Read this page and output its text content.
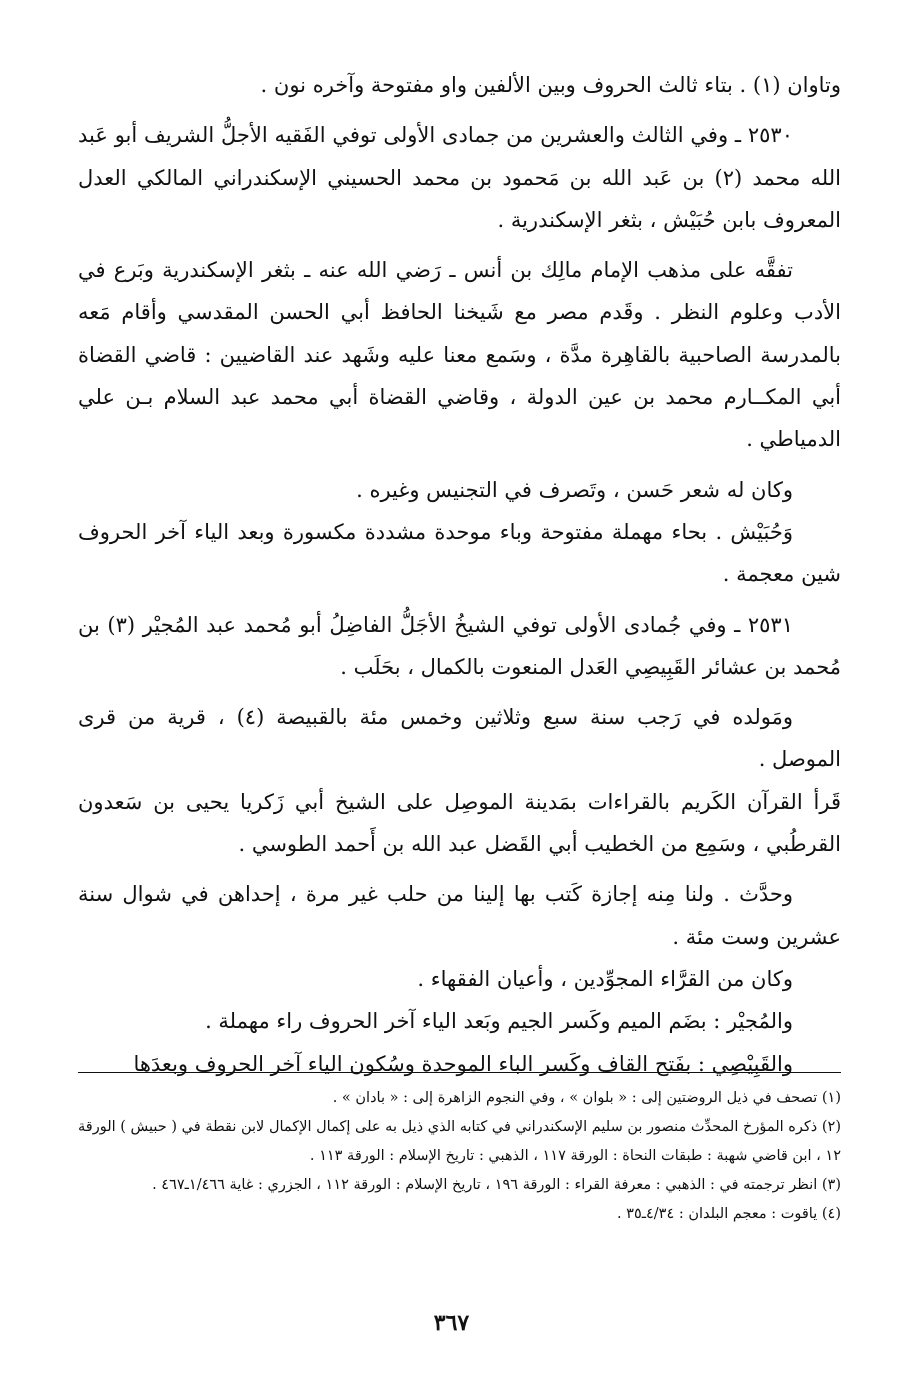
وتاوان (١) . بتاء ثالث الحروف وبين الألفين واو مفتوحة وآخره نون .

٢٥٣٠ ـ وفي الثالث والعشرين من جمادى الأولى توفي الفَقيه الأجلُّ الشريف أبو عَبد الله محمد (٢) بن عَبد الله بن مَحمود بن محمد الحسيني الإسكندراني المالكي العدل المعروف بابن حُبَيْش ، بثغر الإسكندرية .

تفقَّه على مذهب الإمام مالِك بن أنس ـ رَضي الله عنه ـ بثغر الإسكندرية وبَرع في الأدب وعلوم النظر . وقَدم مصر مع شَيخنا الحافظ أبي الحسن المقدسي وأقام مَعه بالمدرسة الصاحبية بالقاهِرة مدَّة ، وسَمع معنا عليه وشَهد عند القاضيين : قاضي القضاة أبي المكــارم محمد بن عين الدولة ، وقاضي القضاة أبي محمد عبد السلام بـن علي الدمياطي .

وكان له شعر حَسن ، وتَصرف في التجنيس وغيره .

وَحُبَيْش . بحاء مهملة مفتوحة وباء موحدة مشددة مكسورة وبعد الياء آخر الحروف شين معجمة .

٢٥٣١ ـ وفي جُمادى الأولى توفي الشيخُ الأجَلُّ الفاضِلُ أبو مُحمد عبد المُجيْر (٣) بن مُحمد بن عشائر القَبِيصِي العَدل المنعوت بالكمال ، بحَلَب .

ومَولده في رَجب سنة سبع وثلاثين وخمس مئة بالقبيصة (٤) ، قرية من قرى الموصل .

قَرأ القرآن الكَريم بالقراءات بمَدينة الموصِل على الشيخ أبي زَكريا يحيى بن سَعدون القرطُبي ، وسَمِع من الخطيب أبي القَضل عبد الله بن أَحمد الطوسي .

وحدَّث . ولنا مِنه إجازة كَتب بها إلينا من حلب غير مرة ، إحداهن في شوال سنة عشرين وست مئة .

وكان من القرَّاء المجوِّدين ، وأعيان الفقهاء .

والمُجيْر : بضَم الميم وكَسر الجيم وبَعد الياء آخر الحروف راء مهملة .

والقَبِيْصِي : بفَتح القاف وكَسر الباء الموحدة وسُكون الياء آخر الحروف وبعدَها

(١) تصحف في ذيل الروضتين إلى : « بلوان » ، وفي النجوم الزاهرة إلى : « بادان » .

(٢) ذكره المؤرخ المحدِّث منصور بن سليم الإسكندراني في كتابه الذي ذيل به على إكمال الإكمال لابن نقطة في ( حبيش ) الورقة ١٢ ، ابن قاضي شهبة : طبقات النحاة : الورقة ١١٧ ، الذهبي : تاريخ الإسلام : الورقة ١١٣ .

(٣) انظر ترجمته في : الذهبي : معرفة القراء : الورقة ١٩٦ ، تاريخ الإسلام : الورقة ١١٢ ، الجزري : غاية ١/٤٦٦ـ٤٦٧ .

(٤) ياقوت : معجم البلدان : ٤/٣٤ـ٣٥ .

٣٦٧
